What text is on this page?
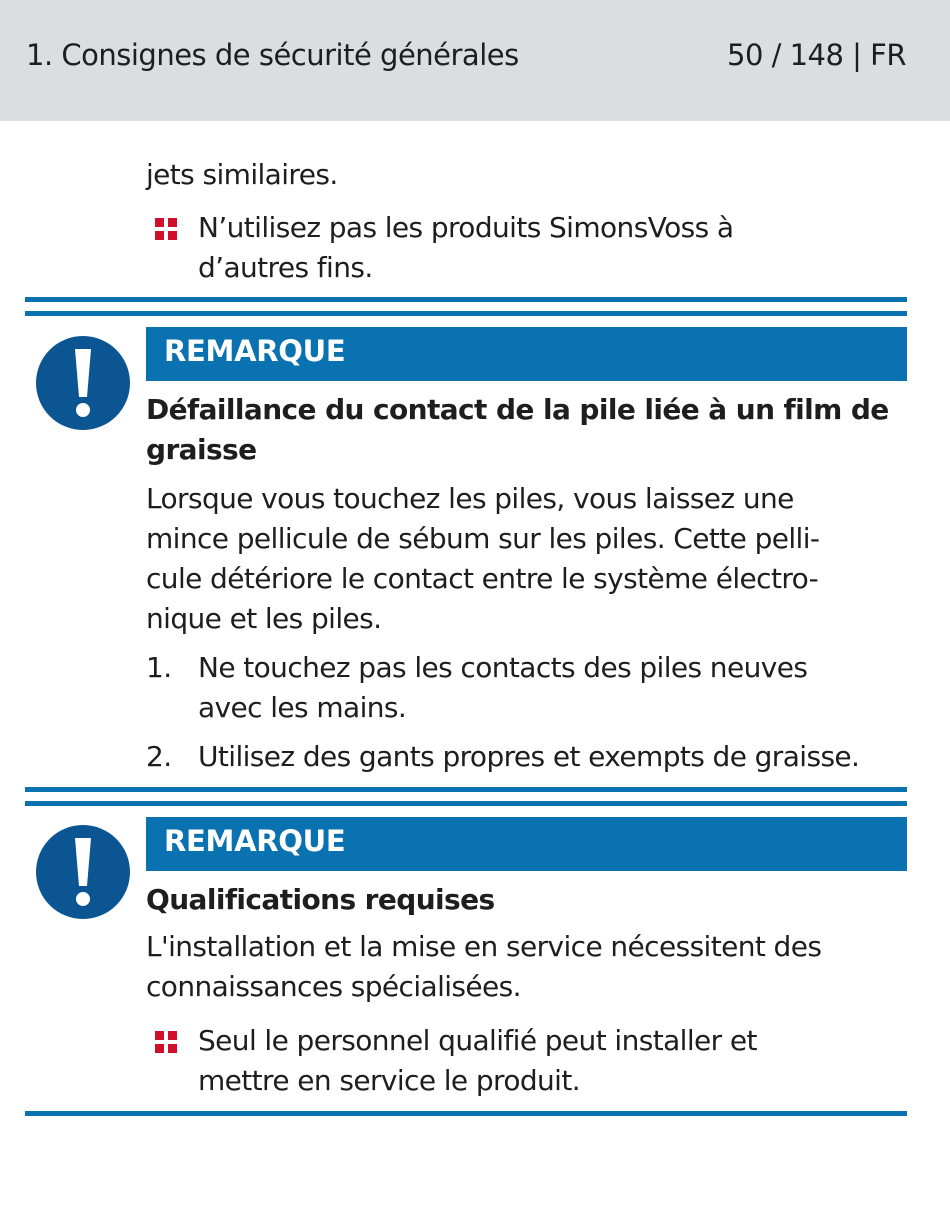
1. Consignes de sécurité générales	50 / 148 | FR
jets similaires.
N’utilisez pas les produits SimonsVoss à
d’autres fins.
REMARQUE
Défaillance du contact de la pile liée à un film de
graisse
Lorsque vous touchez les piles, vous laissez une
mince pellicule de sébum sur les piles. Cette pelli-
cule détériore le contact entre le système électro-
nique et les piles.
1. Ne touchez pas les contacts des piles neuves
avec les mains.
2. Utilisez des gants propres et exempts de graisse.
REMARQUE
Qualifications requises
L'installation et la mise en service nécessitent des
connaissances spécialisées.
Seul le personnel qualifié peut installer et
mettre en service le produit.
